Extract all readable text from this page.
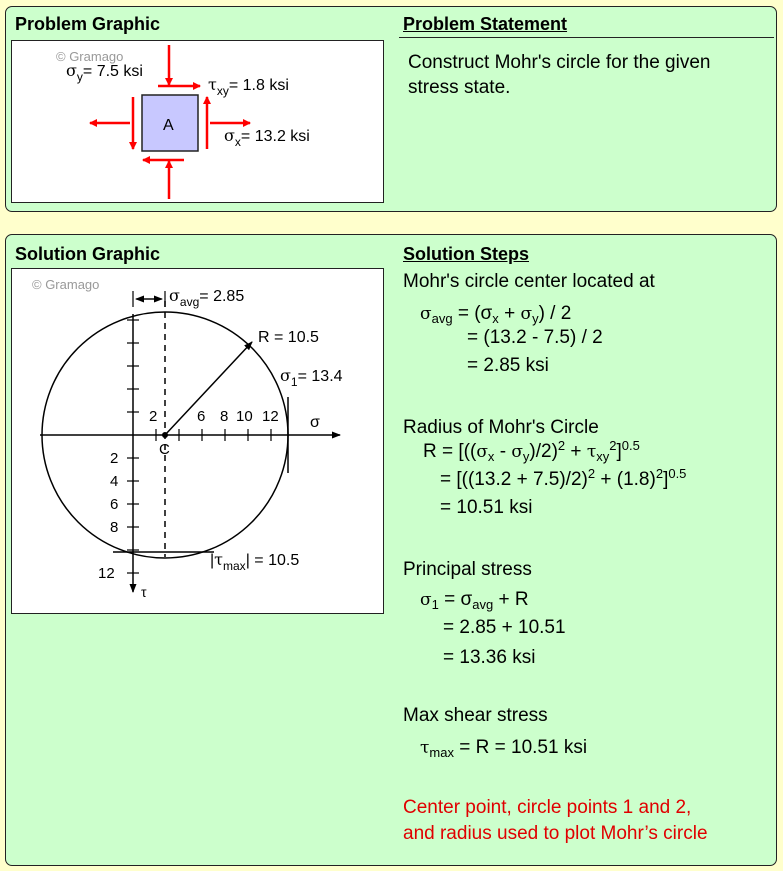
Problem Graphic	Problem Statement
© Gramago
A
$\sigma_y= 7.5$ ksi
$\tau_{xy}= 1.8$ ksi
$\sigma_x= 13.2$ ksi
Construct Mohr's circle for the given stress state.
Solution Graphic	Solution Steps
© Gramago
σ
τ
2	6 8 10 12
2
4
6
8
12
C
R = 10.5
$\sigma_{avg}= 2.85$
$\sigma_1= 13.4$
$|\tau_{max}| = 10.5$
Mohr's circle center located at
$\sigma_{avg} = (\sigma_x + \sigma_y) / 2$
= (13.2 - 7.5) / 2
= 2.85 ksi
Radius of Mohr's Circle
$R = [((\sigma_x - \sigma_y)/2)^2 + \tau_{xy}^2]^{0.5}$
= $[((13.2 + 7.5)/2)^2 + (1.8)^2]^{0.5}$
= 10.51 ksi
Principal stress
$\sigma_1 = \sigma_{avg} + R$
= 2.85 + 10.51
= 13.36 ksi
Max shear stress
$\tau_{max} = R = 10.51$ ksi
Center point, circle points 1 and 2,
and radius used to plot Mohr’s circle
